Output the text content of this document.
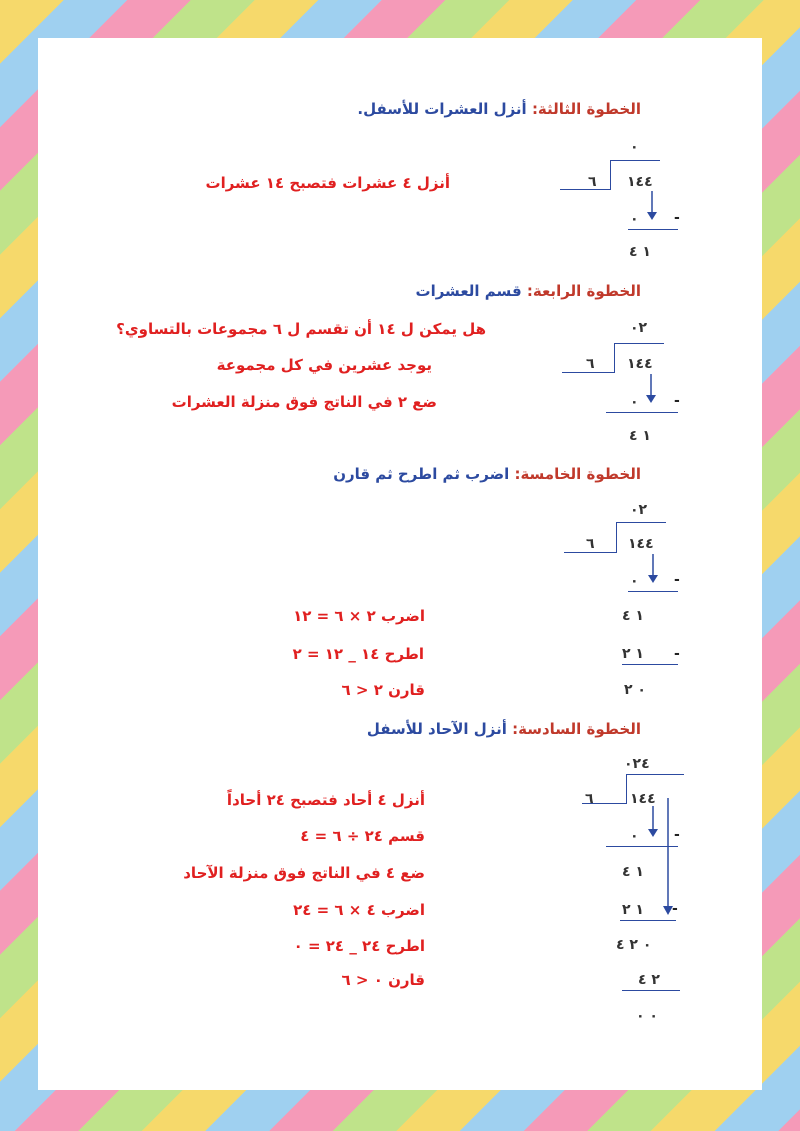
الخطوة الثالثة: أنزل العشرات للأسفل.
٠
٦ ١٤٤
أنزل ٤ عشرات فتصبح ١٤ عشرات
٠	-
١ ٤
الخطوة الرابعة: قسم العشرات
٠٢
هل يمكن ل ١٤ أن تقسم ل ٦ مجموعات بالتساوي؟
٦ ١٤٤
يوجد عشرين في كل مجموعة
ضع ٢ في الناتج فوق منزلة العشرات	٠	-
١ ٤
الخطوة الخامسة: اضرب ثم اطرح ثم قارن
٠٢
٦ ١٤٤
٠	-
١ ٤
اضرب ٢ × ٦ = ١٢
١ ٢ -
اطرح ١٤ _ ١٢ = ٢
٠ ٢
قارن ٢ < ٦
الخطوة السادسة: أنزل الآحاد للأسفل
٠٢٤
٦	١٤٤
أنزل ٤ أحاد فتصبح ٢٤ أحاداً
٠	-
قسم ٢٤ ÷ ٦ = ٤
١ ٤
ضع ٤ في الناتج فوق منزلة الآحاد
١ ٢ -
اضرب ٤ × ٦ = ٢٤
٠ ٢ ٤
اطرح ٢٤ _ ٢٤ = ٠
٢ ٤
قارن ٠ < ٦
٠ ٠
